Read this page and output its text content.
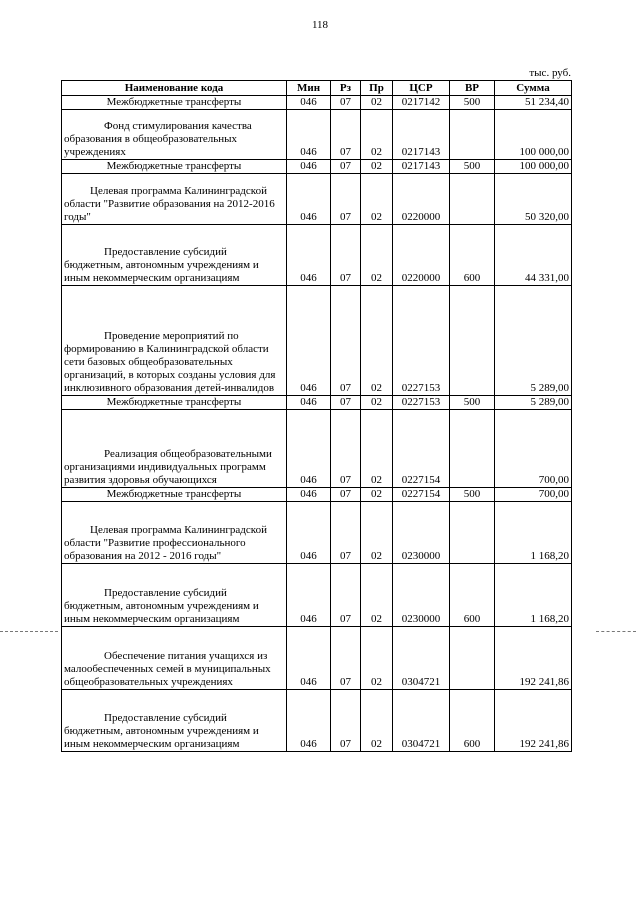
118
тыс. руб.
Наименование кода	Мин	Рз	Пр	ЦСР	ВР	Сумма
Межбюджетные трансферты	046	07	02	0217142	500	51 234,40

Фонд стимулирования качества образования в общеобразовательных учреждениях	046	07	02	0217143		100 000,00
Межбюджетные трансферты	046	07	02	0217143	500	100 000,00

Целевая программа Калининградской области "Развитие образования на 2012-2016 годы"	046	07	02	0220000		50 320,00

Предоставление субсидий бюджетным, автономным учреждениям и иным некоммерческим организациям	046	07	02	0220000	600	44 331,00

Проведение мероприятий по формированию в Калининградской области сети базовых общеобразовательных организаций, в которых созданы условия для инклюзивного образования детей-инвалидов	046	07	02	0227153		5 289,00
Межбюджетные трансферты	046	07	02	0227153	500	5 289,00

Реализация общеобразовательными организациями индивидуальных программ развития здоровья обучающихся	046	07	02	0227154		700,00
Межбюджетные трансферты	046	07	02	0227154	500	700,00

Целевая программа Калининградской области "Развитие профессионального образования на 2012 - 2016 годы"	046	07	02	0230000		1 168,20

Предоставление субсидий бюджетным, автономным учреждениям и иным некоммерческим организациям	046	07	02	0230000	600	1 168,20

Обеспечение питания учащихся из малообеспеченных семей в муниципальных общеобразовательных учреждениях	046	07	02	0304721		192 241,86

Предоставление субсидий бюджетным, автономным учреждениям и иным некоммерческим организациям	046	07	02	0304721	600	192 241,86
